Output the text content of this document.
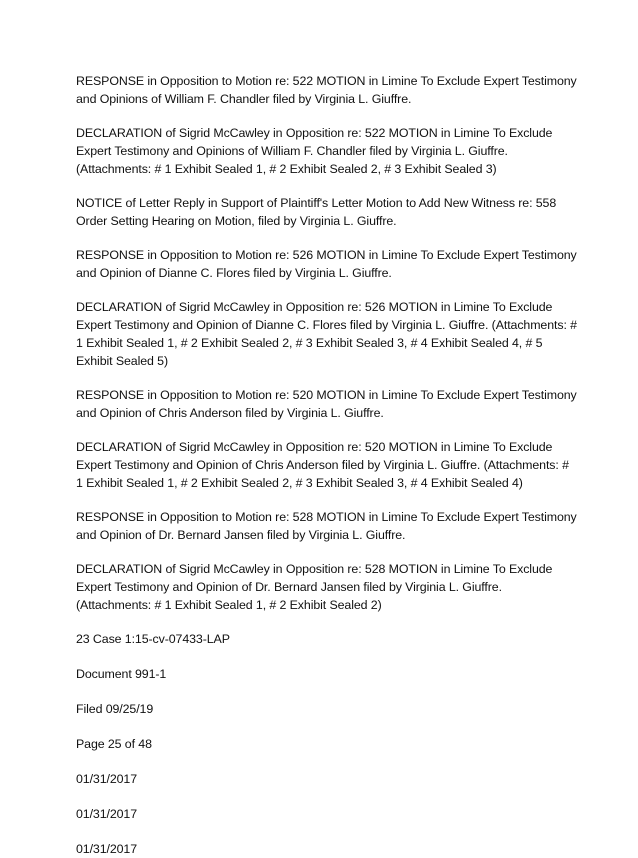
RESPONSE in Opposition to Motion re: 522 MOTION in Limine To Exclude Expert Testimony and Opinions of William F. Chandler filed by Virginia L. Giuffre.

DECLARATION of Sigrid McCawley in Opposition re: 522 MOTION in Limine To Exclude Expert Testimony and Opinions of William F. Chandler filed by Virginia L. Giuffre. (Attachments: # 1 Exhibit Sealed 1, # 2 Exhibit Sealed 2, # 3 Exhibit Sealed 3)

NOTICE of Letter Reply in Support of Plaintiff's Letter Motion to Add New Witness re: 558 Order Setting Hearing on Motion, filed by Virginia L. Giuffre.

RESPONSE in Opposition to Motion re: 526 MOTION in Limine To Exclude Expert Testimony and Opinion of Dianne C. Flores filed by Virginia L. Giuffre.

DECLARATION of Sigrid McCawley in Opposition re: 526 MOTION in Limine To Exclude Expert Testimony and Opinion of Dianne C. Flores filed by Virginia L. Giuffre. (Attachments: # 1 Exhibit Sealed 1, # 2 Exhibit Sealed 2, # 3 Exhibit Sealed 3, # 4 Exhibit Sealed 4, # 5 Exhibit Sealed 5)

RESPONSE in Opposition to Motion re: 520 MOTION in Limine To Exclude Expert Testimony and Opinion of Chris Anderson filed by Virginia L. Giuffre.

DECLARATION of Sigrid McCawley in Opposition re: 520 MOTION in Limine To Exclude Expert Testimony and Opinion of Chris Anderson filed by Virginia L. Giuffre. (Attachments: # 1 Exhibit Sealed 1, # 2 Exhibit Sealed 2, # 3 Exhibit Sealed 3, # 4 Exhibit Sealed 4)

RESPONSE in Opposition to Motion re: 528 MOTION in Limine To Exclude Expert Testimony and Opinion of Dr. Bernard Jansen filed by Virginia L. Giuffre.

DECLARATION of Sigrid McCawley in Opposition re: 528 MOTION in Limine To Exclude Expert Testimony and Opinion of Dr. Bernard Jansen filed by Virginia L. Giuffre. (Attachments: # 1 Exhibit Sealed 1, # 2 Exhibit Sealed 2)

23 Case 1:15-cv-07433-LAP

Document 991-1

Filed 09/25/19

Page 25 of 48

01/31/2017

01/31/2017

01/31/2017
